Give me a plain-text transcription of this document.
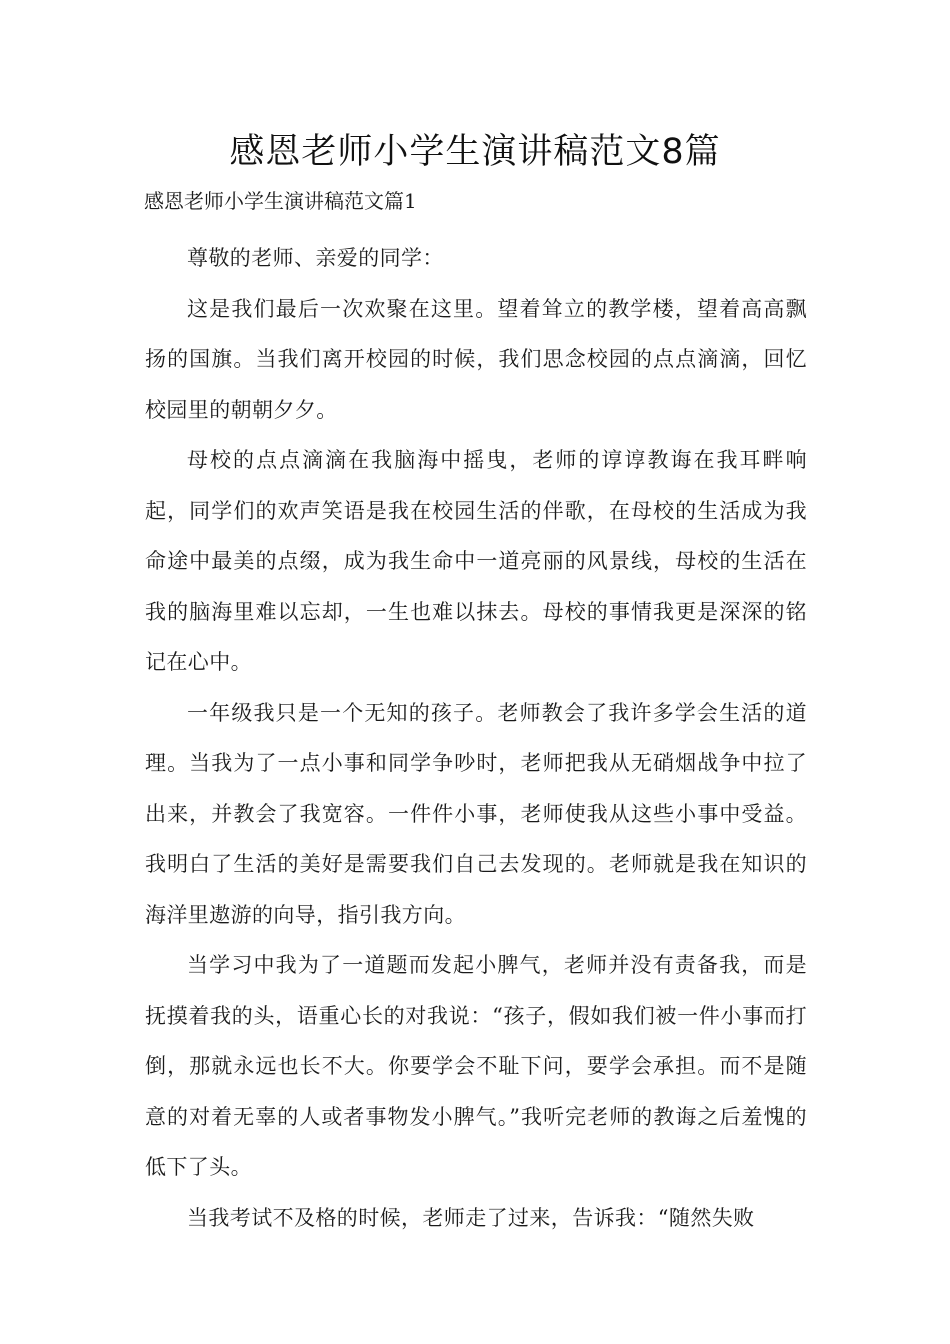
感恩老师小学生演讲稿范文8篇

感恩老师小学生演讲稿范文篇1

尊敬的老师、亲爱的同学：

这是我们最后一次欢聚在这里。望着耸立的教学楼，望着高高飘扬的国旗。当我们离开校园的时候，我们思念校园的点点滴滴，回忆校园里的朝朝夕夕。

母校的点点滴滴在我脑海中摇曳，老师的谆谆教诲在我耳畔响起，同学们的欢声笑语是我在校园生活的伴歌，在母校的生活成为我命途中最美的点缀，成为我生命中一道亮丽的风景线，母校的生活在我的脑海里难以忘却，一生也难以抹去。母校的事情我更是深深的铭记在心中。

一年级我只是一个无知的孩子。老师教会了我许多学会生活的道理。当我为了一点小事和同学争吵时，老师把我从无硝烟战争中拉了出来，并教会了我宽容。一件件小事，老师使我从这些小事中受益。我明白了生活的美好是需要我们自己去发现的。老师就是我在知识的海洋里遨游的向导，指引我方向。

当学习中我为了一道题而发起小脾气，老师并没有责备我，而是抚摸着我的头，语重心长的对我说：“孩子，假如我们被一件小事而打倒，那就永远也长不大。你要学会不耻下问，要学会承担。而不是随意的对着无辜的人或者事物发小脾气。”我听完老师的教诲之后羞愧的低下了头。

当我考试不及格的时候，老师走了过来，告诉我：“随然失败
